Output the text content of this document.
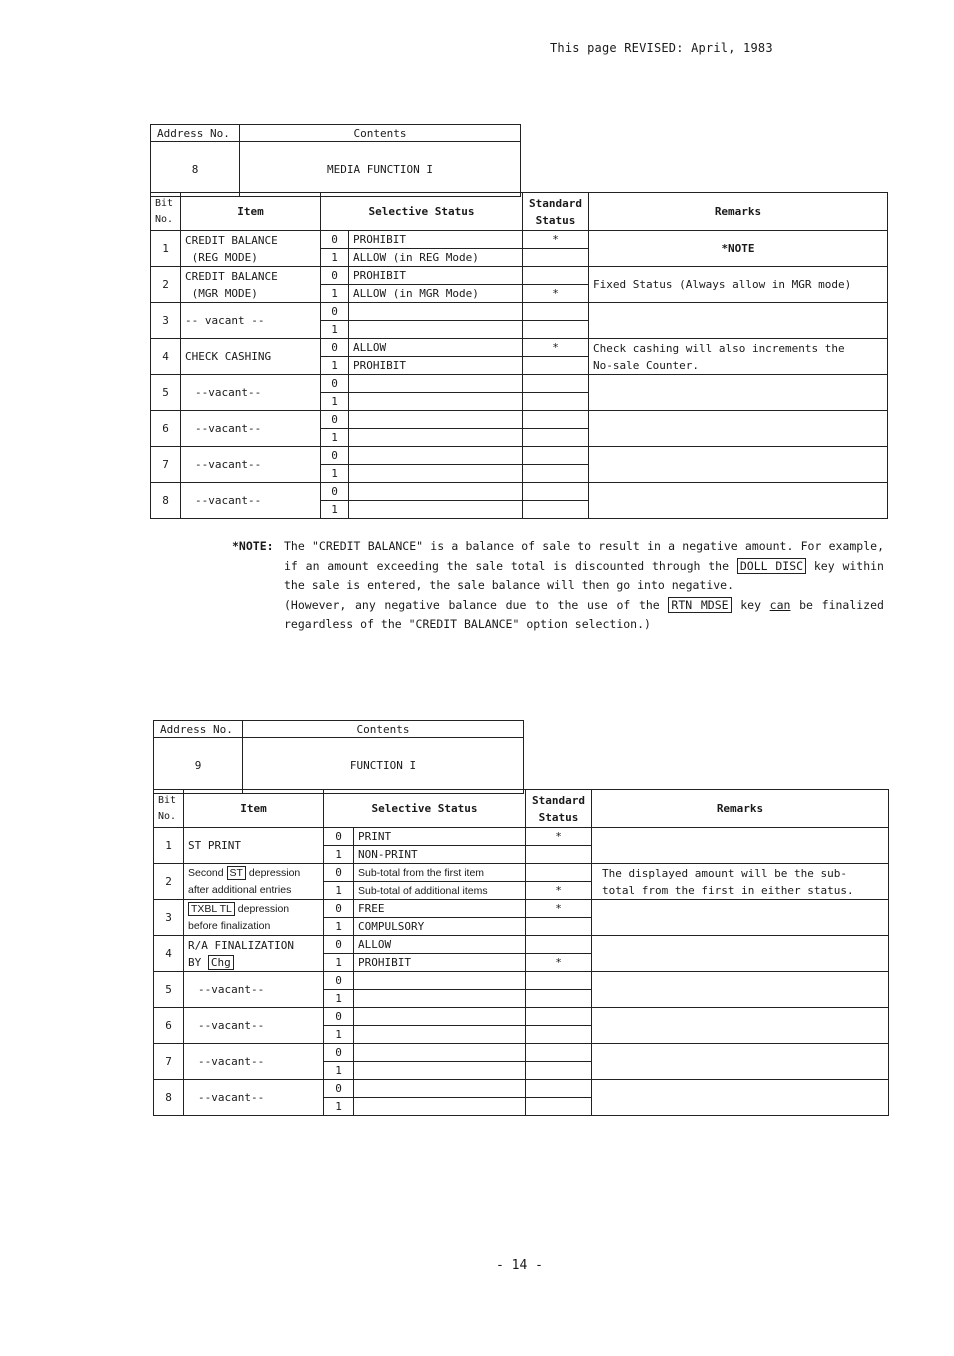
This page REVISED: April, 1983
Address No.	Contents
8	MEDIA FUNCTION I
Bit
No.	Item	Selective Status		Standard
Status	Remarks
1	CREDIT BALANCE
(REG MODE)	0	PROHIBIT	*	*NOTE
		1	ALLOW (in REG Mode)		
2	CREDIT BALANCE
(MGR MODE)	0	PROHIBIT		Fixed Status (Always allow in MGR mode)
		1	ALLOW (in MGR Mode)	*	
3	-- vacant --	0			
		1			
4	CHECK CASHING	0	ALLOW	*	Check cashing will also increments the
No-sale Counter.
		1	PROHIBIT		
5	--vacant--	0			
		1			
6	--vacant--	0			
		1			
7	--vacant--	0			
		1			
8	--vacant--	0			
		1			
*NOTE: The "CREDIT BALANCE" is a balance of sale to result in a negative amount. For example, if an amount exceeding the sale total is discounted through the DOLL DISC key within the sale is entered, the sale balance will then go into negative.
(However, any negative balance due to the use of the RTN MDSE key can be finalized regardless of the "CREDIT BALANCE" option selection.)
Address No.	Contents
9	FUNCTION I
Bit
No.	Item	Selective Status		Standard
Status	Remarks
1	ST PRINT	0	PRINT	*	
		1	NON-PRINT		
2	Second ST depression
after additional entries	0	Sub-total from the first item		The displayed amount will be the sub-
total from the first in either status.
		1	Sub-total of additional items	*	
3	TXBL TL depression
before finalization	0	FREE	*	
		1	COMPULSORY		
4	R/A FINALIZATION
BY Chg	0	ALLOW		
		1	PROHIBIT	*	
5	--vacant--	0			
		1			
6	--vacant--	0			
		1			
7	--vacant--	0			
		1			
8	--vacant--	0			
		1			
- 14 -
